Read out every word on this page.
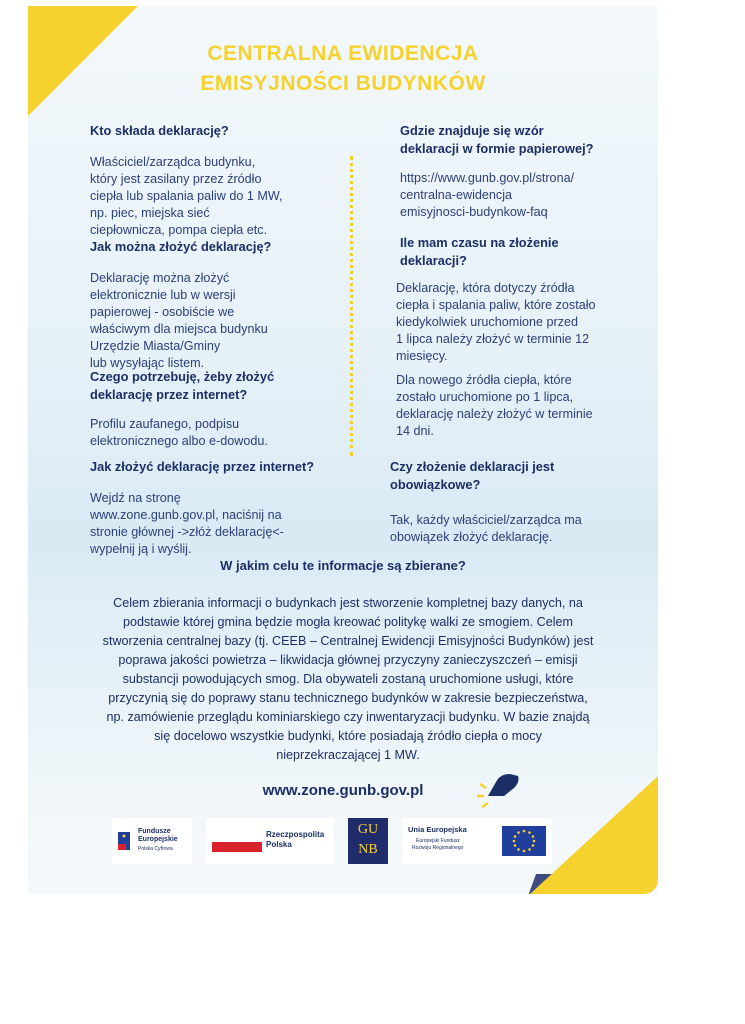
CENTRALNA EWIDENCJA
EMISYJNOŚCI BUDYNKÓW
Kto składa deklarację?
Właściciel/zarządca budynku,
który jest zasilany przez źródło
ciepła lub spalania paliw do 1 MW,
np. piec, miejska sieć
ciepłownicza, pompa ciepła etc.
Jak można złożyć deklarację?
Deklarację można złożyć
elektronicznie lub w wersji
papierowej - osobiście we
właściwym dla miejsca budynku
Urzędzie Miasta/Gminy
lub wysyłając listem.
Czego potrzebuję, żeby złożyć
deklarację przez internet?
Profilu zaufanego, podpisu
elektronicznego albo e-dowodu.
Jak złożyć deklarację przez internet?
Wejdź na stronę
www.zone.gunb.gov.pl, naciśnij na
stronie głównej ->złóż deklarację<-
wypełnij ją i wyślij.
Gdzie znajduje się wzór
deklaracji w formie papierowej?
https://www.gunb.gov.pl/strona/
centralna-ewidencja
emisyjnosci-budynkow-faq
Ile mam czasu na złożenie
deklaracji?
Deklarację, która dotyczy źródła
ciepła i spalania paliw, które zostało
kiedykolwiek uruchomione przed
1 lipca należy złożyć w terminie 12
miesięcy.
Dla nowego źródła ciepła, które
zostało uruchomione po 1 lipca,
deklarację należy złożyć w terminie
14 dni.
Czy złożenie deklaracji jest
obowiązkowe?
Tak, każdy właściciel/zarządca ma
obowiązek złożyć deklarację.
W jakim celu te informacje są zbierane?
Celem zbierania informacji o budynkach jest stworzenie kompletnej bazy danych, na
podstawie której gmina będzie mogła kreować politykę walki ze smogiem. Celem
stworzenia centralnej bazy (tj. CEEB – Centralnej Ewidencji Emisyjności Budynków) jest
poprawa jakości powietrza – likwidacja głównej przyczyny zanieczyszczeń – emisji
substancji powodujących smog. Dla obywateli zostaną uruchomione usługi, które
przyczynią się do poprawy stanu technicznego budynków w zakresie bezpieczeństwa,
np. zamówienie przeglądu kominiarskiego czy inwentaryzacji budynku. W bazie znajdą
się docelowo wszystkie budynki, które posiadają źródło ciepła o mocy
nieprzekraczającej 1 MW.
www.zone.gunb.gov.pl
Fundusze
Europejskie
Polska Cyfrowa
Rzeczpospolita
Polska
GU
NB
Unia Europejska
Europejski Fundusz
Rozwoju Regionalnego
